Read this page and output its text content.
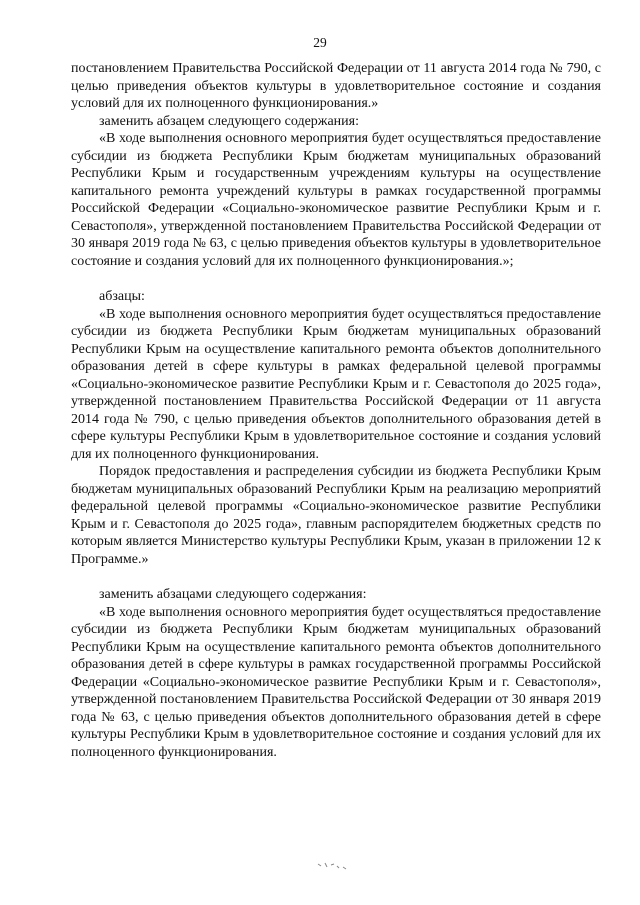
29

постановлением Правительства Российской Федерации от 11 августа 2014 года № 790, с целью приведения объектов культуры в удовлетворительное состояние и создания условий для их полноценного функционирования.»

заменить абзацем следующего содержания:

«В ходе выполнения основного мероприятия будет осуществляться предоставление субсидии из бюджета Республики Крым бюджетам муниципальных образований Республики Крым и государственным учреждениям культуры на осуществление капитального ремонта учреждений культуры в рамках государственной программы Российской Федерации «Социально-экономическое развитие Республики Крым и г. Севастополя», утвержденной постановлением Правительства Российской Федерации от 30 января 2019 года № 63, с целью приведения объектов культуры в удовлетворительное состояние и создания условий для их полноценного функционирования.»;

абзацы:

«В ходе выполнения основного мероприятия будет осуществляться предоставление субсидии из бюджета Республики Крым бюджетам муниципальных образований Республики Крым на осуществление капитального ремонта объектов дополнительного образования детей в сфере культуры в рамках федеральной целевой программы «Социально-экономическое развитие Республики Крым и г. Севастополя до 2025 года», утвержденной постановлением Правительства Российской Федерации от 11 августа 2014 года № 790, с целью приведения объектов дополнительного образования детей в сфере культуры Республики Крым в удовлетворительное состояние и создания условий для их полноценного функционирования.

Порядок предоставления и распределения субсидии из бюджета Республики Крым бюджетам муниципальных образований Республики Крым на реализацию мероприятий федеральной целевой программы «Социально-экономическое развитие Республики Крым и г. Севастополя до 2025 года», главным распорядителем бюджетных средств по которым является Министерство культуры Республики Крым, указан в приложении 12 к Программе.»

заменить абзацами следующего содержания:

«В ходе выполнения основного мероприятия будет осуществляться предоставление субсидии из бюджета Республики Крым бюджетам муниципальных образований Республики Крым на осуществление капитального ремонта объектов дополнительного образования детей в сфере культуры в рамках государственной программы Российской Федерации «Социально-экономическое развитие Республики Крым и г. Севастополя», утвержденной постановлением Правительства Российской Федерации от 30 января 2019 года № 63, с целью приведения объектов дополнительного образования детей в сфере культуры Республики Крым в удовлетворительное состояние и создания условий для их полноценного функционирования.
